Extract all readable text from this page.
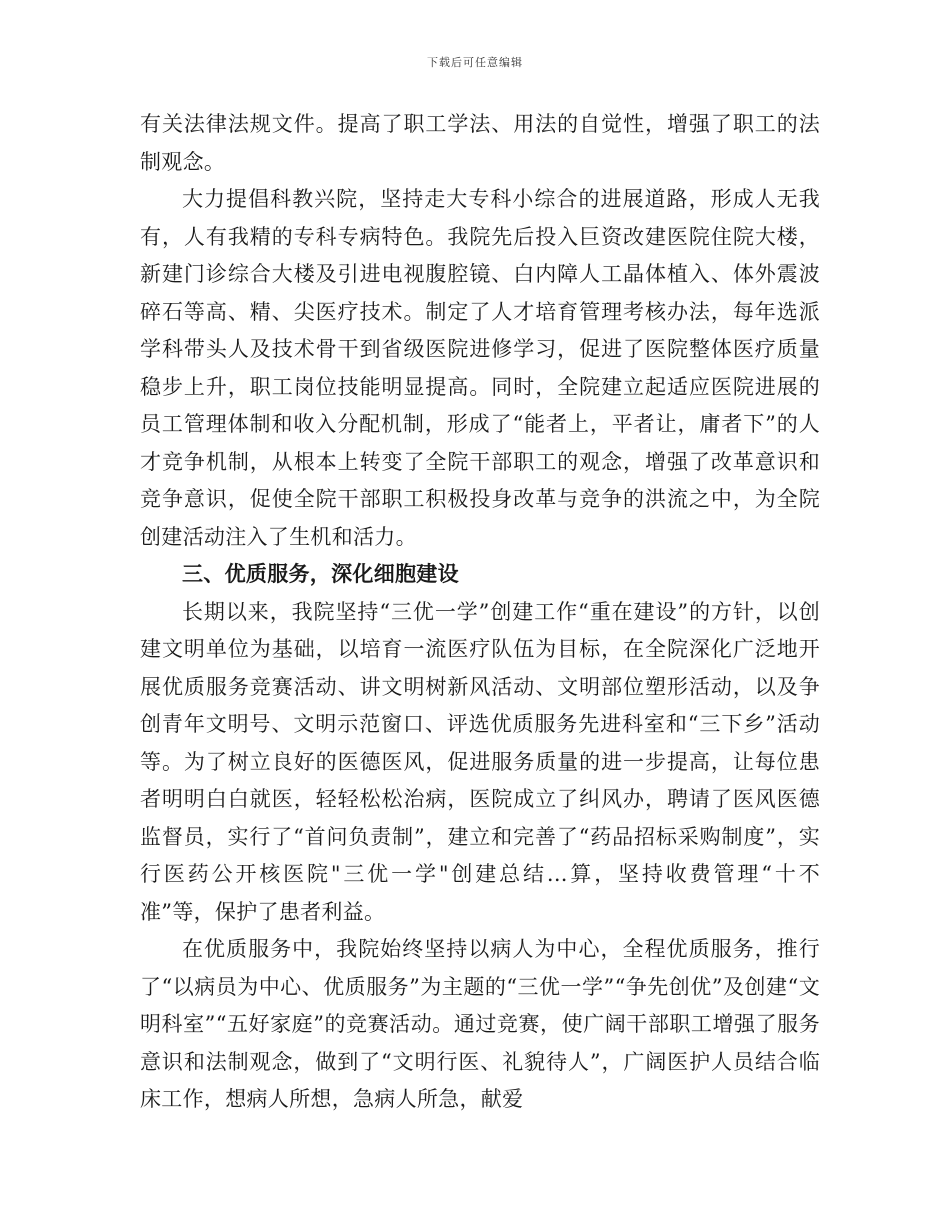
下载后可任意编辑

有关法律法规文件。提高了职工学法、用法的自觉性，增强了职工的法制观念。

大力提倡科教兴院，坚持走大专科小综合的进展道路，形成人无我有，人有我精的专科专病特色。我院先后投入巨资改建医院住院大楼，新建门诊综合大楼及引进电视腹腔镜、白内障人工晶体植入、体外震波碎石等高、精、尖医疗技术。制定了人才培育管理考核办法，每年选派学科带头人及技术骨干到省级医院进修学习，促进了医院整体医疗质量稳步上升，职工岗位技能明显提高。同时，全院建立起适应医院进展的员工管理体制和收入分配机制，形成了“能者上，平者让，庸者下”的人才竞争机制，从根本上转变了全院干部职工的观念，增强了改革意识和竞争意识，促使全院干部职工积极投身改革与竞争的洪流之中，为全院创建活动注入了生机和活力。

三、优质服务，深化细胞建设

长期以来，我院坚持“三优一学”创建工作“重在建设”的方针，以创建文明单位为基础，以培育一流医疗队伍为目标，在全院深化广泛地开展优质服务竞赛活动、讲文明树新风活动、文明部位塑形活动，以及争创青年文明号、文明示范窗口、评选优质服务先进科室和“三下乡”活动等。为了树立良好的医德医风，促进服务质量的进一步提高，让每位患者明明白白就医，轻轻松松治病，医院成立了纠风办，聘请了医风医德监督员，实行了“首问负责制”，建立和完善了“药品招标采购制度”，实行医药公开核医院"三优一学"创建总结...算，坚持收费管理“十不准”等，保护了患者利益。

在优质服务中，我院始终坚持以病人为中心，全程优质服务，推行了“以病员为中心、优质服务”为主题的“三优一学”“争先创优”及创建“文明科室”“五好家庭”的竞赛活动。通过竞赛，使广阔干部职工增强了服务意识和法制观念，做到了“文明行医、礼貌待人”，广阔医护人员结合临床工作，想病人所想，急病人所急，献爱
